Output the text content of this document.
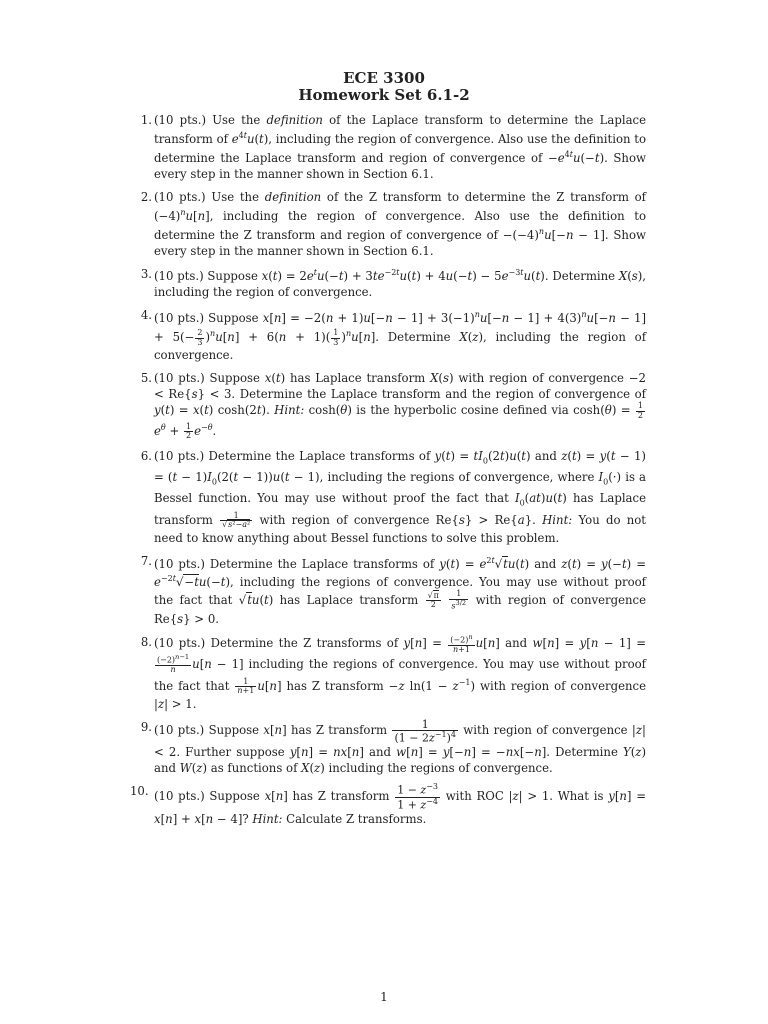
ECE 3300
Homework Set 6.1-2
1. (10 pts.) Use the definition of the Laplace transform to determine the Laplace transform of $e^{4t}u(t)$, including the region of convergence. Also use the definition to determine the Laplace transform and region of convergence of $-e^{4t}u(-t)$. Show every step in the manner shown in Section 6.1.
2. (10 pts.) Use the definition of the Z transform to determine the Z transform of $(-4)^nu[n]$, including the region of convergence. Also use the definition to determine the Z transform and region of convergence of $-(-4)^nu[-n - 1]$. Show every step in the manner shown in Section 6.1.
3. (10 pts.) Suppose $x(t) = 2e^tu(-t) + 3te^{-2t}u(t) + 4u(-t) - 5e^{-3t}u(t)$. Determine X(s), including the region of convergence.
4. (10 pts.) Suppose $x[n] = -2(n + 1)u[-n - 1] + 3(-1)^nu[-n - 1] + 4(3)^nu[-n - 1] + 5(- \frac{2}{3} )^nu[n] + 6(n + 1)( \frac{1}{3} )^nu[n]$. Determine X(z), including the region of convergence.
5. (10 pts.) Suppose x(t) has Laplace transform X(s) with region of convergence −2 < Re{s} < 3. Determine the Laplace transform and the region of convergence of y(t) = x(t) cosh(2t). Hint: cosh(θ) is the hyperbolic cosine defined via $\cosh(\theta) = \frac{1}{2}$
$e^\theta + \frac{1}{2} e^{-\theta}$.
6. (10 pts.) Determine the Laplace transforms of $y(t) = tI_0(2t)u(t)$ and $z(t) = y(t - 1) = (t - 1)I_0(2(t - 1))u(t - 1)$, including the regions of convergence, where $I_0(\cdot)$ is a Bessel function. You may use without proof the fact that $I_0(at)u(t)$ has Laplace transform $\frac{1}{\text{√s²−a²}}$ with region of convergence Re{s} > Re{a}. Hint: You do not need to know anything about Bessel functions to solve this problem.
7. (10 pts.) Determine the Laplace transforms of $y(t) = e^{2t}√tu(t)$ and $z(t) = y(-t) = e^{-2t}√-tu(-t)$, including the regions of convergence. You may use without proof the fact that √tu(t) has Laplace transform $\frac{√\pi}{2}$
$\frac{1}{s^{3/2}}$ with region of convergence Re{s} > 0.
8. (10 pts.) Determine the Z transforms of $y[n] = \frac{(-2)^n}{n+1} u[n]$ and w[n] = y[n − 1] =
$\frac{(-2)^{n-1}}{n} u[n - 1]$ including the regions of convergence. You may use without proof the fact that $\frac{1}{n+1} u[n]$ has Z transform −z $\ln(1 - z^{-1})$ with region of convergence |z| > 1.
9. (10 pts.) Suppose x[n] has Z transform $\frac{1}{(1 - 2z^{-1})^4}$ with region of convergence |z| < 2. Further suppose y[n] = nx[n] and w[n] = y[−n] = −nx[−n]. Determine Y(z) and W(z) as functions of X(z) including the regions of convergence.
10. (10 pts.) Suppose x[n] has Z transform $\frac{1 - z^{-3}}{1 + z^{-4}}$ with ROC |z| > 1. What is y[n] = x[n] + x[n − 4]? Hint: Calculate Z transforms.
1
